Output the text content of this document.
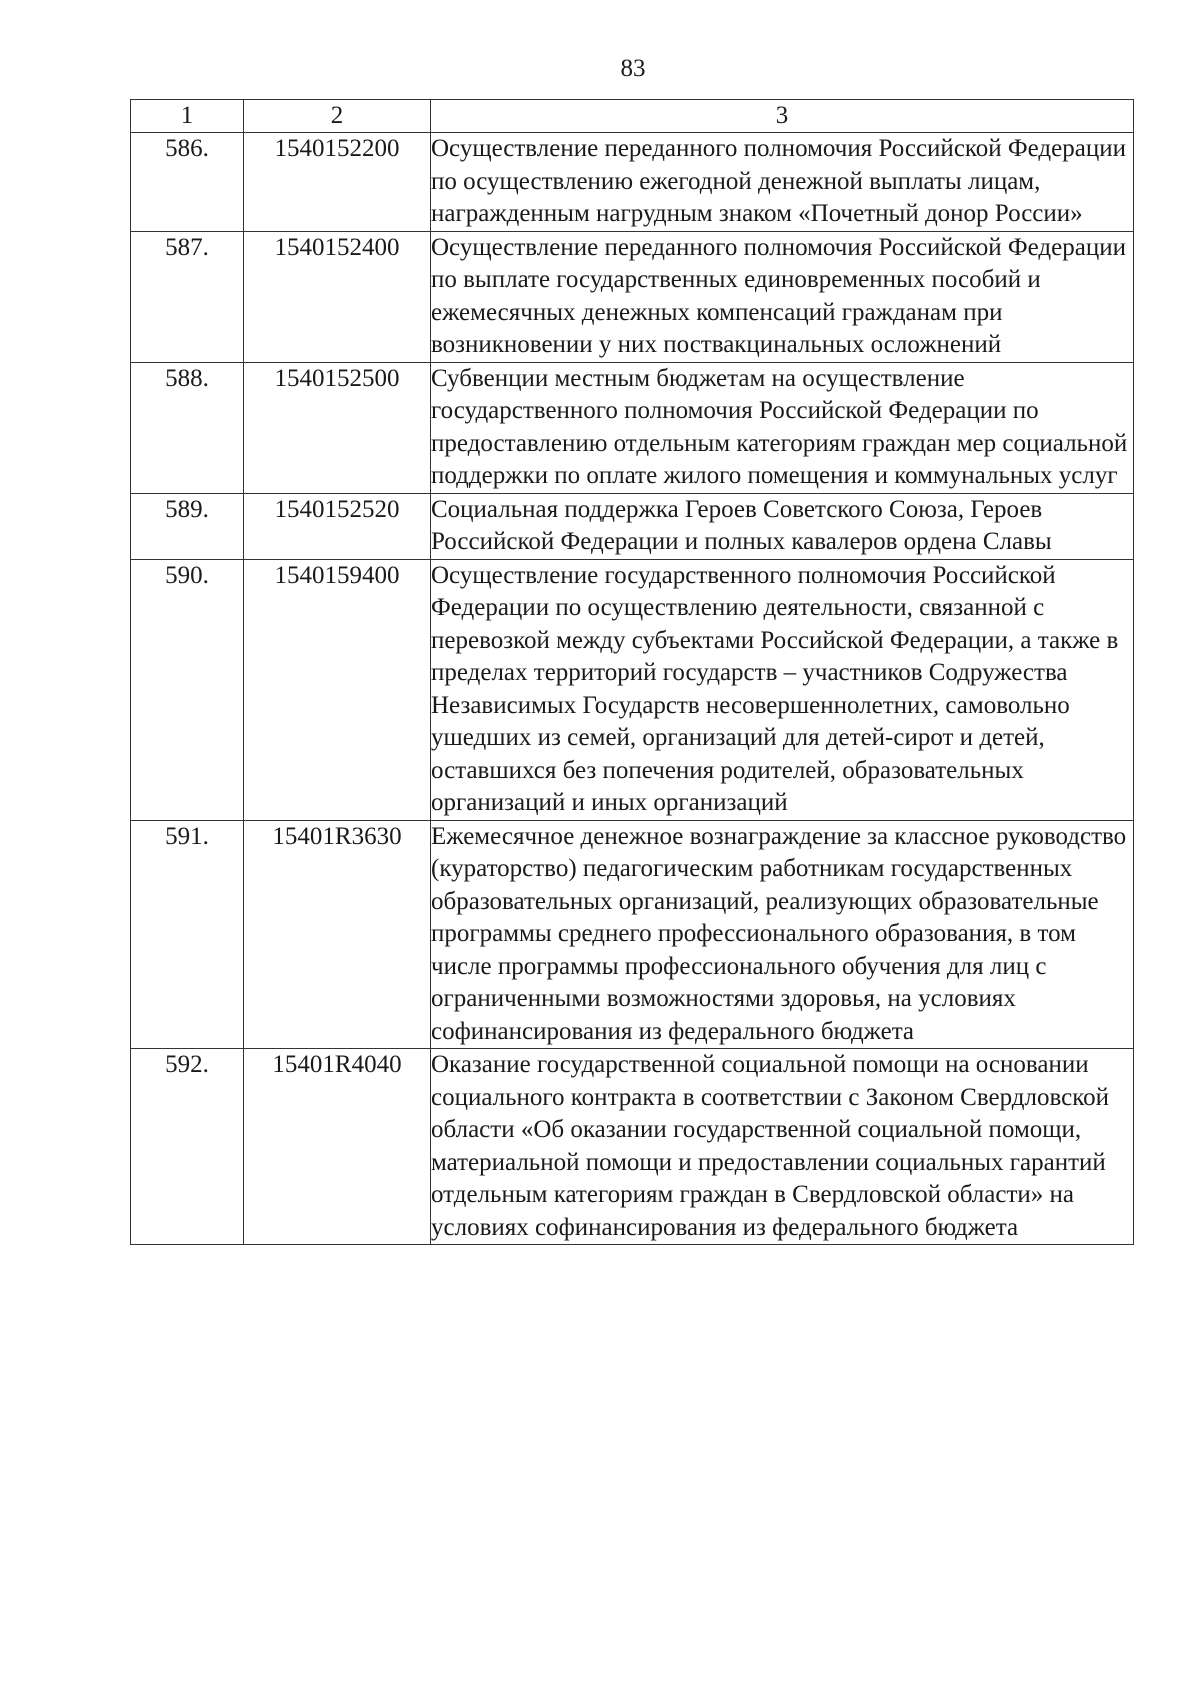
83
1	2	3
586.	1540152200	Осуществление переданного полномочия Российской Федерации по осуществлению ежегодной денежной выплаты лицам, награжденным нагрудным знаком «Почетный донор России»
587.	1540152400	Осуществление переданного полномочия Российской Федерации по выплате государственных единовременных пособий и ежемесячных денежных компенсаций гражданам при возникновении у них поствакцинальных осложнений
588.	1540152500	Субвенции местным бюджетам на осуществление государственного полномочия Российской Федерации по предоставлению отдельным категориям граждан мер социальной поддержки по оплате жилого помещения и коммунальных услуг
589.	1540152520	Социальная поддержка Героев Советского Союза, Героев Российской Федерации и полных кавалеров ордена Славы
590.	1540159400	Осуществление государственного полномочия Российской Федерации по осуществлению деятельности, связанной с перевозкой между субъектами Российской Федерации, а также в пределах территорий государств – участников Содружества Независимых Государств несовершеннолетних, самовольно ушедших из семей, организаций для детей-сирот и детей, оставшихся без попечения родителей, образовательных организаций и иных организаций
591.	15401R3630	Ежемесячное денежное вознаграждение за классное руководство (кураторство) педагогическим работникам государственных образовательных организаций, реализующих образовательные программы среднего профессионального образования, в том числе программы профессионального обучения для лиц с ограниченными возможностями здоровья, на условиях софинансирования из федерального бюджета
592.	15401R4040	Оказание государственной социальной помощи на основании социального контракта в соответствии с Законом Свердловской области «Об оказании государственной социальной помощи, материальной помощи и предоставлении социальных гарантий отдельным категориям граждан в Свердловской области» на условиях софинансирования из федерального бюджета
